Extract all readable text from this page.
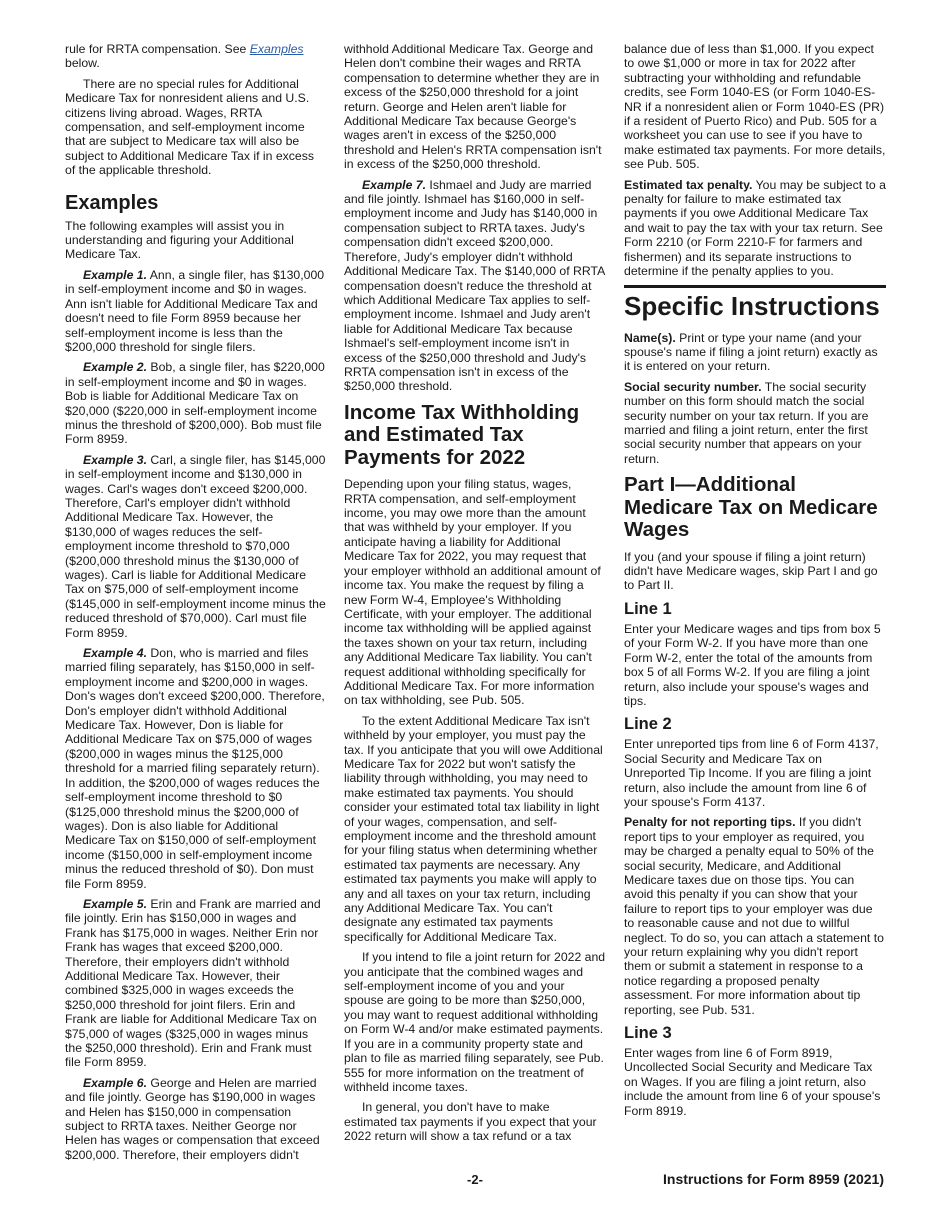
rule for RRTA compensation. See Examples below.

There are no special rules for Additional Medicare Tax for nonresident aliens and U.S. citizens living abroad. Wages, RRTA compensation, and self-employment income that are subject to Medicare tax will also be subject to Additional Medicare Tax if in excess of the applicable threshold.

Examples

The following examples will assist you in understanding and figuring your Additional Medicare Tax.

Example 1. Ann, a single filer, has $130,000 in self-employment income and $0 in wages. Ann isn't liable for Additional Medicare Tax and doesn't need to file Form 8959 because her self-employment income is less than the $200,000 threshold for single filers.

Example 2. Bob, a single filer, has $220,000 in self-employment income and $0 in wages. Bob is liable for Additional Medicare Tax on $20,000 ($220,000 in self-employment income minus the threshold of $200,000). Bob must file Form 8959.

Example 3. Carl, a single filer, has $145,000 in self-employment income and $130,000 in wages. Carl's wages don't exceed $200,000. Therefore, Carl's employer didn't withhold Additional Medicare Tax. However, the $130,000 of wages reduces the self-employment income threshold to $70,000 ($200,000 threshold minus the $130,000 of wages). Carl is liable for Additional Medicare Tax on $75,000 of self-employment income ($145,000 in self-employment income minus the reduced threshold of $70,000). Carl must file Form 8959.

Example 4. Don, who is married and files married filing separately, has $150,000 in self-employment income and $200,000 in wages. Don's wages don't exceed $200,000. Therefore, Don's employer didn't withhold Additional Medicare Tax. However, Don is liable for Additional Medicare Tax on $75,000 of wages ($200,000 in wages minus the $125,000 threshold for a married filing separately return). In addition, the $200,000 of wages reduces the self-employment income threshold to $0 ($125,000 threshold minus the $200,000 of wages). Don is also liable for Additional Medicare Tax on $150,000 of self-employment income ($150,000 in self-employment income minus the reduced threshold of $0). Don must file Form 8959.

Example 5. Erin and Frank are married and file jointly. Erin has $150,000 in wages and Frank has $175,000 in wages. Neither Erin nor Frank has wages that exceed $200,000. Therefore, their employers didn't withhold Additional Medicare Tax. However, their combined $325,000 in wages exceeds the $250,000 threshold for joint filers. Erin and Frank are liable for Additional Medicare Tax on $75,000 of wages ($325,000 in wages minus the $250,000 threshold). Erin and Frank must file Form 8959.

Example 6. George and Helen are married and file jointly. George has $190,000 in wages and Helen has $150,000 in compensation subject to RRTA taxes. Neither George nor Helen has wages or compensation that exceed $200,000. Therefore, their employers didn't

withhold Additional Medicare Tax. George and Helen don't combine their wages and RRTA compensation to determine whether they are in excess of the $250,000 threshold for a joint return. George and Helen aren't liable for Additional Medicare Tax because George's wages aren't in excess of the $250,000 threshold and Helen's RRTA compensation isn't in excess of the $250,000 threshold.

Example 7. Ishmael and Judy are married and file jointly. Ishmael has $160,000 in self-employment income and Judy has $140,000 in compensation subject to RRTA taxes. Judy's compensation didn't exceed $200,000. Therefore, Judy's employer didn't withhold Additional Medicare Tax. The $140,000 of RRTA compensation doesn't reduce the threshold at which Additional Medicare Tax applies to self-employment income. Ishmael and Judy aren't liable for Additional Medicare Tax because Ishmael's self-employment income isn't in excess of the $250,000 threshold and Judy's RRTA compensation isn't in excess of the $250,000 threshold.

Income Tax Withholding and Estimated Tax Payments for 2022

Depending upon your filing status, wages, RRTA compensation, and self-employment income, you may owe more than the amount that was withheld by your employer. If you anticipate having a liability for Additional Medicare Tax for 2022, you may request that your employer withhold an additional amount of income tax. You make the request by filing a new Form W-4, Employee's Withholding Certificate, with your employer. The additional income tax withholding will be applied against the taxes shown on your tax return, including any Additional Medicare Tax liability. You can't request additional withholding specifically for Additional Medicare Tax. For more information on tax withholding, see Pub. 505.

To the extent Additional Medicare Tax isn't withheld by your employer, you must pay the tax. If you anticipate that you will owe Additional Medicare Tax for 2022 but won't satisfy the liability through withholding, you may need to make estimated tax payments. You should consider your estimated total tax liability in light of your wages, compensation, and self-employment income and the threshold amount for your filing status when determining whether estimated tax payments are necessary. Any estimated tax payments you make will apply to any and all taxes on your tax return, including any Additional Medicare Tax. You can't designate any estimated tax payments specifically for Additional Medicare Tax.

If you intend to file a joint return for 2022 and you anticipate that the combined wages and self-employment income of you and your spouse are going to be more than $250,000, you may want to request additional withholding on Form W-4 and/or make estimated payments. If you are in a community property state and plan to file as married filing separately, see Pub. 555 for more information on the treatment of withheld income taxes.

In general, you don't have to make estimated tax payments if you expect that your 2022 return will show a tax refund or a tax

balance due of less than $1,000. If you expect to owe $1,000 or more in tax for 2022 after subtracting your withholding and refundable credits, see Form 1040-ES (or Form 1040-ES-NR if a nonresident alien or Form 1040-ES (PR) if a resident of Puerto Rico) and Pub. 505 for a worksheet you can use to see if you have to make estimated tax payments. For more details, see Pub. 505.

Estimated tax penalty. You may be subject to a penalty for failure to make estimated tax payments if you owe Additional Medicare Tax and wait to pay the tax with your tax return. See Form 2210 (or Form 2210-F for farmers and fishermen) and its separate instructions to determine if the penalty applies to you.

Specific Instructions

Name(s). Print or type your name (and your spouse's name if filing a joint return) exactly as it is entered on your return.

Social security number. The social security number on this form should match the social security number on your tax return. If you are married and filing a joint return, enter the first social security number that appears on your return.

Part I—Additional Medicare Tax on Medicare Wages

If you (and your spouse if filing a joint return) didn't have Medicare wages, skip Part I and go to Part II.

Line 1

Enter your Medicare wages and tips from box 5 of your Form W-2. If you have more than one Form W-2, enter the total of the amounts from box 5 of all Forms W-2. If you are filing a joint return, also include your spouse's wages and tips.

Line 2

Enter unreported tips from line 6 of Form 4137, Social Security and Medicare Tax on Unreported Tip Income. If you are filing a joint return, also include the amount from line 6 of your spouse's Form 4137.

Penalty for not reporting tips. If you didn't report tips to your employer as required, you may be charged a penalty equal to 50% of the social security, Medicare, and Additional Medicare taxes due on those tips. You can avoid this penalty if you can show that your failure to report tips to your employer was due to reasonable cause and not due to willful neglect. To do so, you can attach a statement to your return explaining why you didn't report them or submit a statement in response to a notice regarding a proposed penalty assessment. For more information about tip reporting, see Pub. 531.

Line 3

Enter wages from line 6 of Form 8919, Uncollected Social Security and Medicare Tax on Wages. If you are filing a joint return, also include the amount from line 6 of your spouse's Form 8919.

-2-	Instructions for Form 8959 (2021)
